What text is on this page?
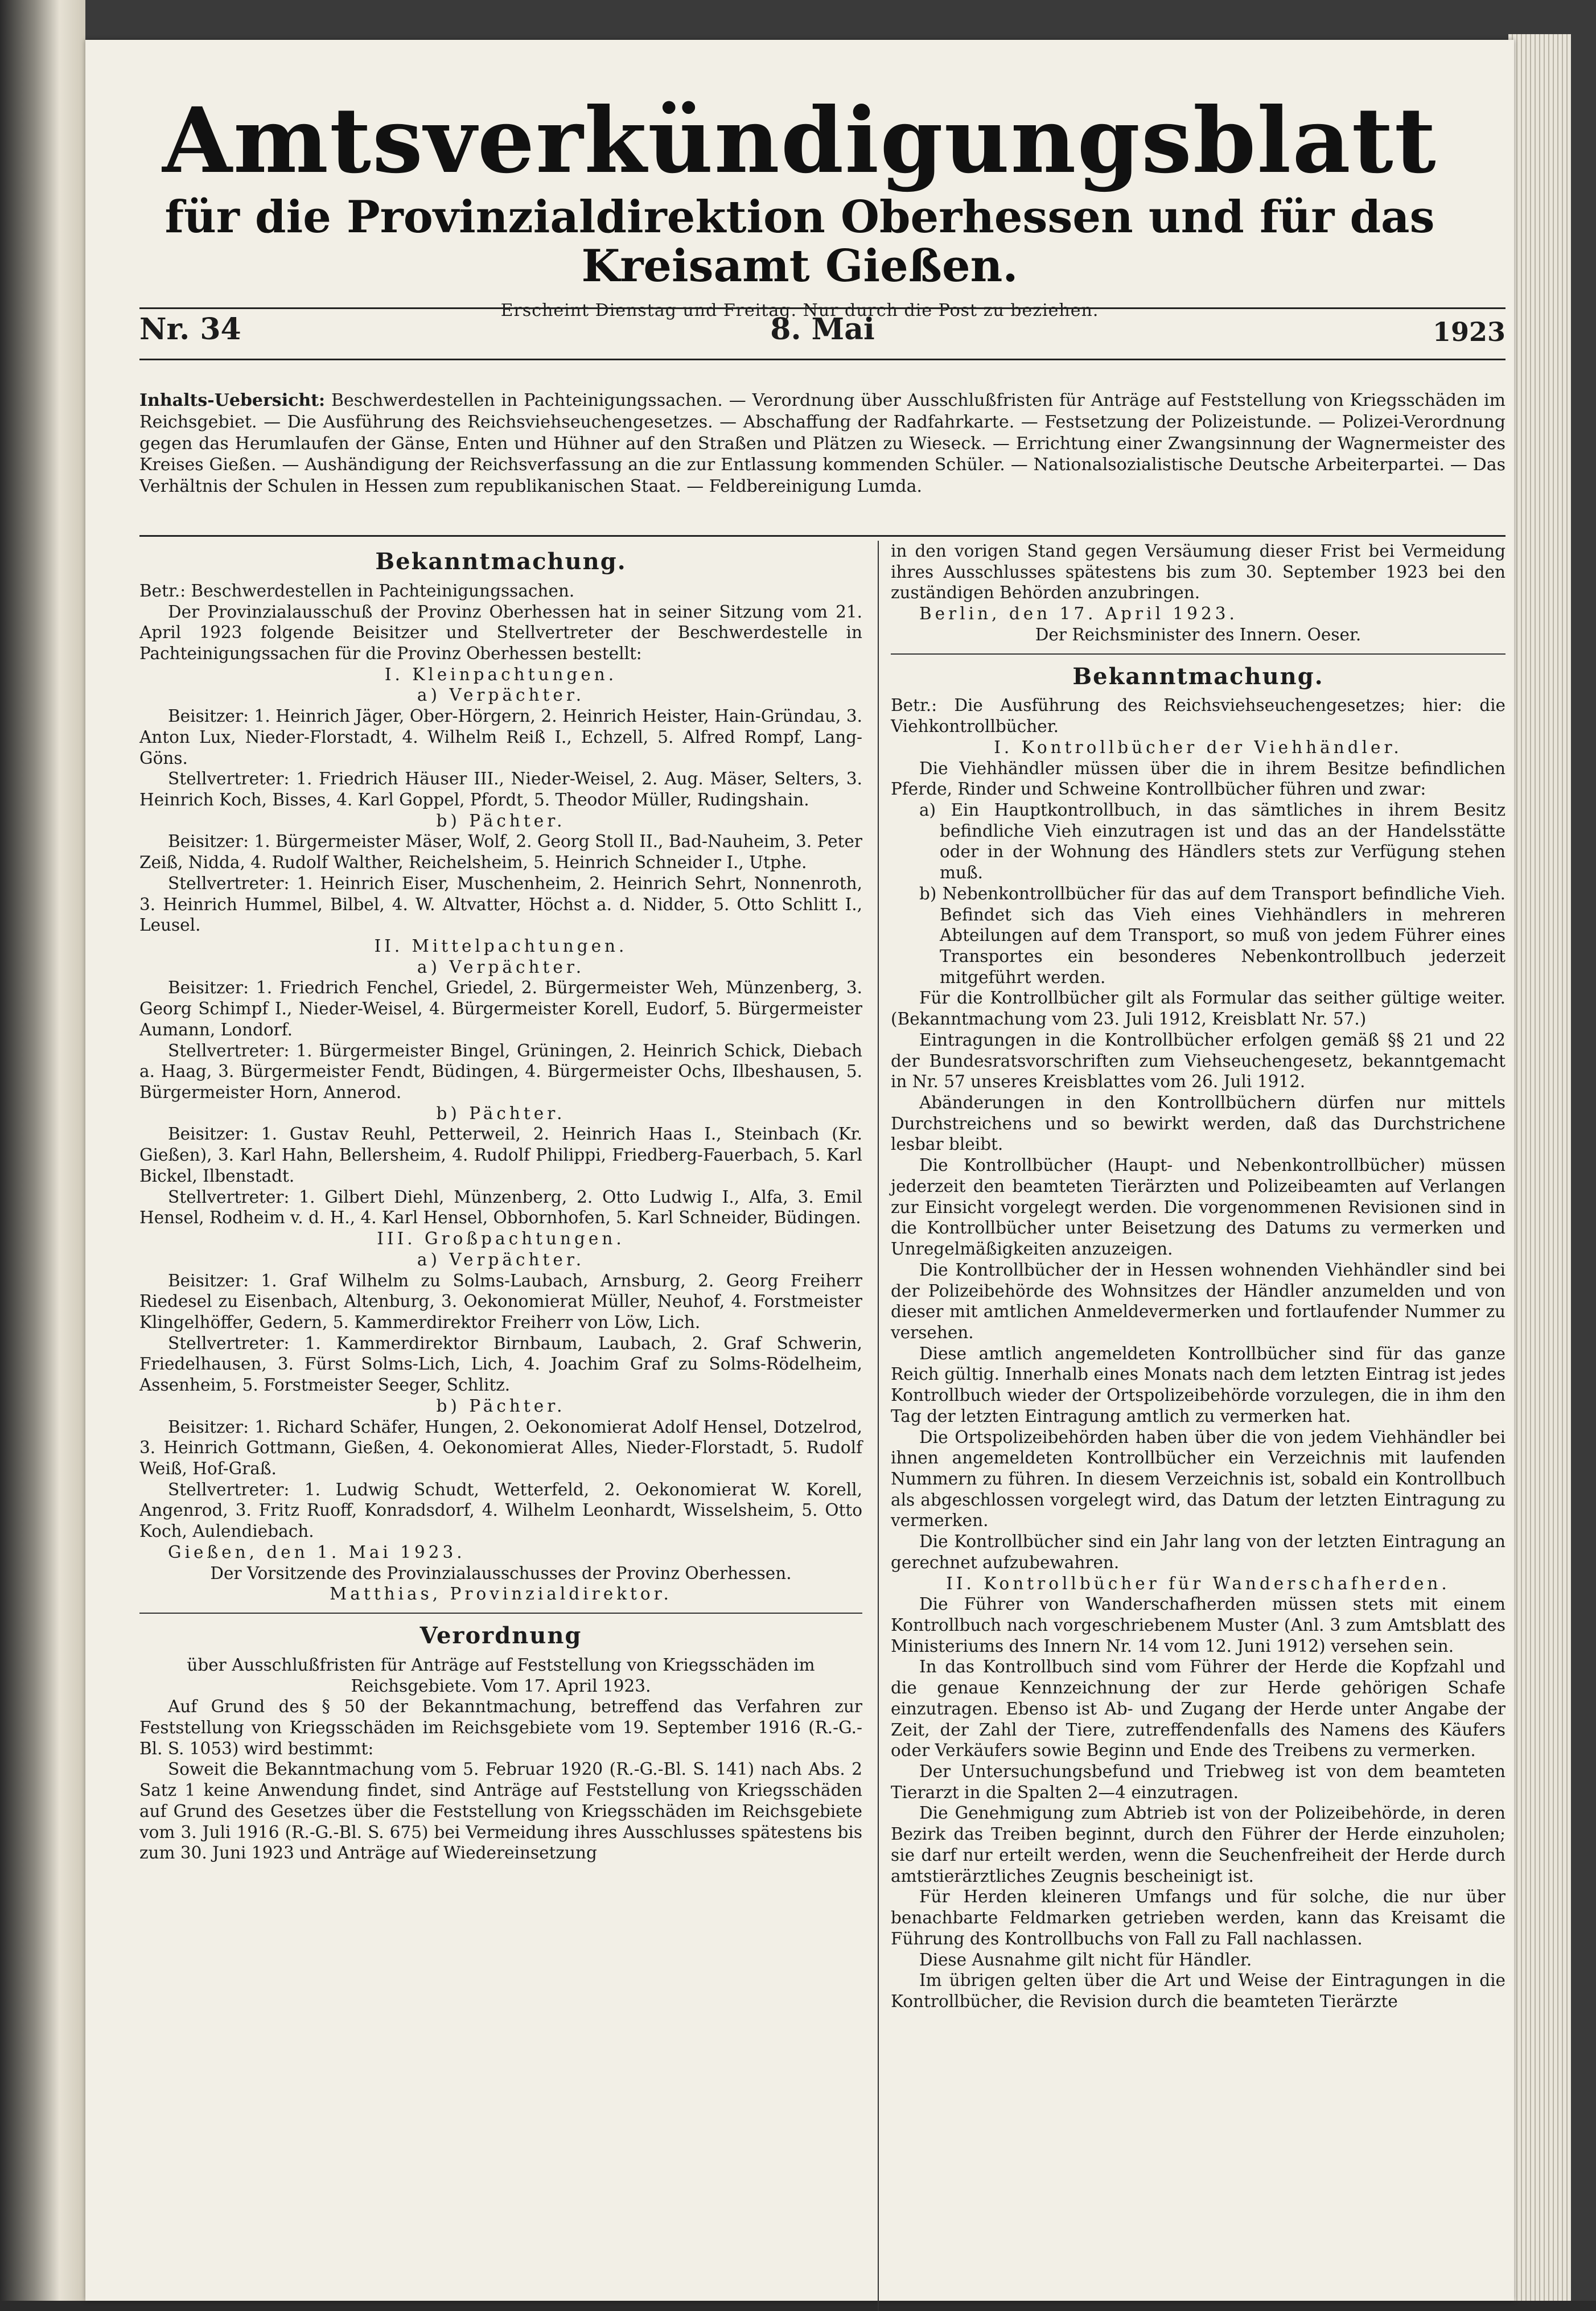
Amtsverkündigungsblatt
für die Provinzialdirektion Oberhessen und für das Kreisamt Gießen.
Erscheint Dienstag und Freitag. Nur durch die Post zu beziehen.
Nr. 34	8. Mai	1923
Inhalts-Uebersicht: Beschwerdestellen in Pachteinigungssachen. — Verordnung über Ausschlußfristen für Anträge auf Feststellung von Kriegsschäden im Reichsgebiet. — Die Ausführung des Reichsviehseuchengesetzes. — Abschaffung der Radfahrkarte. — Festsetzung der Polizeistunde. — Polizei-Verordnung gegen das Herumlaufen der Gänse, Enten und Hühner auf den Straßen und Plätzen zu Wieseck. — Errichtung einer Zwangsinnung der Wagnermeister des Kreises Gießen. — Aushändigung der Reichsverfassung an die zur Entlassung kommenden Schüler. — Nationalsozialistische Deutsche Arbeiterpartei. — Das Verhältnis der Schulen in Hessen zum republikanischen Staat. — Feldbereinigung Lumda.

Bekanntmachung.

Betr.: Beschwerdestellen in Pachteinigungssachen.

Der Provinzialausschuß der Provinz Oberhessen hat in seiner Sitzung vom 21. April 1923 folgende Beisitzer und Stellvertreter der Beschwerdestelle in Pachteinigungssachen für die Provinz Oberhessen bestellt:

I. Kleinpachtungen.

a) Verpächter.

Beisitzer: 1. Heinrich Jäger, Ober-Hörgern, 2. Heinrich Heister, Hain-Gründau, 3. Anton Lux, Nieder-Florstadt, 4. Wilhelm Reiß I., Echzell, 5. Alfred Rompf, Lang-Göns.

Stellvertreter: 1. Friedrich Häuser III., Nieder-Weisel, 2. Aug. Mäser, Selters, 3. Heinrich Koch, Bisses, 4. Karl Goppel, Pfordt, 5. Theodor Müller, Rudingshain.

b) Pächter.

Beisitzer: 1. Bürgermeister Mäser, Wolf, 2. Georg Stoll II., Bad-Nauheim, 3. Peter Zeiß, Nidda, 4. Rudolf Walther, Reichelsheim, 5. Heinrich Schneider I., Utphe.

Stellvertreter: 1. Heinrich Eiser, Muschenheim, 2. Heinrich Sehrt, Nonnenroth, 3. Heinrich Hummel, Bilbel, 4. W. Altvatter, Höchst a. d. Nidder, 5. Otto Schlitt I., Leusel.

II. Mittelpachtungen.

a) Verpächter.

Beisitzer: 1. Friedrich Fenchel, Griedel, 2. Bürgermeister Weh, Münzenberg, 3. Georg Schimpf I., Nieder-Weisel, 4. Bürgermeister Korell, Eudorf, 5. Bürgermeister Aumann, Londorf.

Stellvertreter: 1. Bürgermeister Bingel, Grüningen, 2. Heinrich Schick, Diebach a. Haag, 3. Bürgermeister Fendt, Büdingen, 4. Bürgermeister Ochs, Ilbeshausen, 5. Bürgermeister Horn, Annerod.

b) Pächter.

Beisitzer: 1. Gustav Reuhl, Petterweil, 2. Heinrich Haas I., Steinbach (Kr. Gießen), 3. Karl Hahn, Bellersheim, 4. Rudolf Philippi, Friedberg-Fauerbach, 5. Karl Bickel, Ilbenstadt.

Stellvertreter: 1. Gilbert Diehl, Münzenberg, 2. Otto Ludwig I., Alfa, 3. Emil Hensel, Rodheim v. d. H., 4. Karl Hensel, Obbornhofen, 5. Karl Schneider, Büdingen.

III. Großpachtungen.

a) Verpächter.

Beisitzer: 1. Graf Wilhelm zu Solms-Laubach, Arnsburg, 2. Georg Freiherr Riedesel zu Eisenbach, Altenburg, 3. Oekonomierat Müller, Neuhof, 4. Forstmeister Klingelhöffer, Gedern, 5. Kammerdirektor Freiherr von Löw, Lich.

Stellvertreter: 1. Kammerdirektor Birnbaum, Laubach, 2. Graf Schwerin, Friedelhausen, 3. Fürst Solms-Lich, Lich, 4. Joachim Graf zu Solms-Rödelheim, Assenheim, 5. Forstmeister Seeger, Schlitz.

b) Pächter.

Beisitzer: 1. Richard Schäfer, Hungen, 2. Oekonomierat Adolf Hensel, Dotzelrod, 3. Heinrich Gottmann, Gießen, 4. Oekonomierat Alles, Nieder-Florstadt, 5. Rudolf Weiß, Hof-Graß.

Stellvertreter: 1. Ludwig Schudt, Wetterfeld, 2. Oekonomierat W. Korell, Angenrod, 3. Fritz Ruoff, Konradsdorf, 4. Wilhelm Leonhardt, Wisselsheim, 5. Otto Koch, Aulendiebach.

Gießen, den 1. Mai 1923.

Der Vorsitzende des Provinzialausschusses der Provinz Oberhessen.

Matthias, Provinzialdirektor.

Verordnung

über Ausschlußfristen für Anträge auf Feststellung von Kriegsschäden im Reichsgebiete. Vom 17. April 1923.

Auf Grund des § 50 der Bekanntmachung, betreffend das Verfahren zur Feststellung von Kriegsschäden im Reichsgebiete vom 19. September 1916 (R.-G.-Bl. S. 1053) wird bestimmt:

Soweit die Bekanntmachung vom 5. Februar 1920 (R.-G.-Bl. S. 141) nach Abs. 2 Satz 1 keine Anwendung findet, sind Anträge auf Feststellung von Kriegsschäden auf Grund des Gesetzes über die Feststellung von Kriegsschäden im Reichsgebiete vom 3. Juli 1916 (R.-G.-Bl. S. 675) bei Vermeidung ihres Ausschlusses spätestens bis zum 30. Juni 1923 und Anträge auf Wiedereinsetzung

in den vorigen Stand gegen Versäumung dieser Frist bei Vermeidung ihres Ausschlusses spätestens bis zum 30. September 1923 bei den zuständigen Behörden anzubringen.

Berlin, den 17. April 1923.

Der Reichsminister des Innern. Oeser.

Bekanntmachung.

Betr.: Die Ausführung des Reichsviehseuchengesetzes; hier: die Viehkontrollbücher.

I. Kontrollbücher der Viehhändler.

Die Viehhändler müssen über die in ihrem Besitze befindlichen Pferde, Rinder und Schweine Kontrollbücher führen und zwar:

a) Ein Hauptkontrollbuch, in das sämtliches in ihrem Besitz befindliche Vieh einzutragen ist und das an der Handelsstätte oder in der Wohnung des Händlers stets zur Verfügung stehen muß.

b) Nebenkontrollbücher für das auf dem Transport befindliche Vieh. Befindet sich das Vieh eines Viehhändlers in mehreren Abteilungen auf dem Transport, so muß von jedem Führer eines Transportes ein besonderes Nebenkontrollbuch jederzeit mitgeführt werden.

Für die Kontrollbücher gilt als Formular das seither gültige weiter. (Bekanntmachung vom 23. Juli 1912, Kreisblatt Nr. 57.)

Eintragungen in die Kontrollbücher erfolgen gemäß §§ 21 und 22 der Bundesratsvorschriften zum Viehseuchengesetz, bekanntgemacht in Nr. 57 unseres Kreisblattes vom 26. Juli 1912.

Abänderungen in den Kontrollbüchern dürfen nur mittels Durchstreichens und so bewirkt werden, daß das Durchstrichene lesbar bleibt.

Die Kontrollbücher (Haupt- und Nebenkontrollbücher) müssen jederzeit den beamteten Tierärzten und Polizeibeamten auf Verlangen zur Einsicht vorgelegt werden. Die vorgenommenen Revisionen sind in die Kontrollbücher unter Beisetzung des Datums zu vermerken und Unregelmäßigkeiten anzuzeigen.

Die Kontrollbücher der in Hessen wohnenden Viehhändler sind bei der Polizeibehörde des Wohnsitzes der Händler anzumelden und von dieser mit amtlichen Anmeldevermerken und fortlaufender Nummer zu versehen.

Diese amtlich angemeldeten Kontrollbücher sind für das ganze Reich gültig. Innerhalb eines Monats nach dem letzten Eintrag ist jedes Kontrollbuch wieder der Ortspolizeibehörde vorzulegen, die in ihm den Tag der letzten Eintragung amtlich zu vermerken hat.

Die Ortspolizeibehörden haben über die von jedem Viehhändler bei ihnen angemeldeten Kontrollbücher ein Verzeichnis mit laufenden Nummern zu führen. In diesem Verzeichnis ist, sobald ein Kontrollbuch als abgeschlossen vorgelegt wird, das Datum der letzten Eintragung zu vermerken.

Die Kontrollbücher sind ein Jahr lang von der letzten Eintragung an gerechnet aufzubewahren.

II. Kontrollbücher für Wanderschafherden.

Die Führer von Wanderschafherden müssen stets mit einem Kontrollbuch nach vorgeschriebenem Muster (Anl. 3 zum Amtsblatt des Ministeriums des Innern Nr. 14 vom 12. Juni 1912) versehen sein.

In das Kontrollbuch sind vom Führer der Herde die Kopfzahl und die genaue Kennzeichnung der zur Herde gehörigen Schafe einzutragen. Ebenso ist Ab- und Zugang der Herde unter Angabe der Zeit, der Zahl der Tiere, zutreffendenfalls des Namens des Käufers oder Verkäufers sowie Beginn und Ende des Treibens zu vermerken.

Der Untersuchungsbefund und Triebweg ist von dem beamteten Tierarzt in die Spalten 2—4 einzutragen.

Die Genehmigung zum Abtrieb ist von der Polizeibehörde, in deren Bezirk das Treiben beginnt, durch den Führer der Herde einzuholen; sie darf nur erteilt werden, wenn die Seuchenfreiheit der Herde durch amtstierärztliches Zeugnis bescheinigt ist.

Für Herden kleineren Umfangs und für solche, die nur über benachbarte Feldmarken getrieben werden, kann das Kreisamt die Führung des Kontrollbuchs von Fall zu Fall nachlassen.

Diese Ausnahme gilt nicht für Händler.

Im übrigen gelten über die Art und Weise der Eintragungen in die Kontrollbücher, die Revision durch die beamteten Tierärzte
